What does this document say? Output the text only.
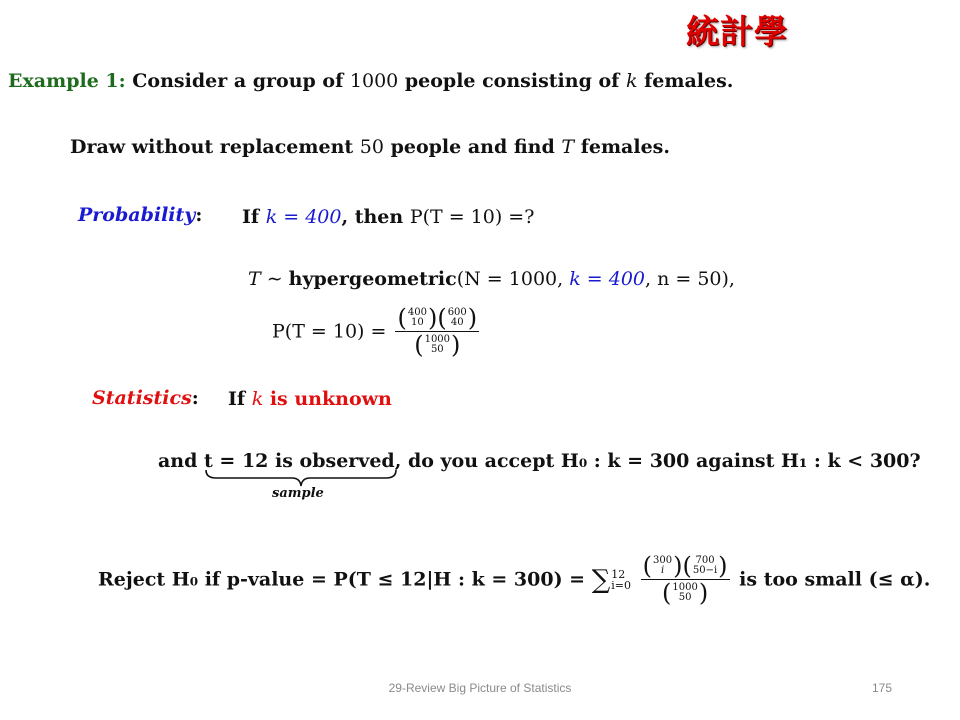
統計學
Example 1: Consider a group of 1000 people consisting of k females.
Draw without replacement 50 people and find T females.
Probability: If k = 400, then P(T = 10) =?
T ∼ hypergeometric(N = 1000, k = 400, n = 50),
P(T = 10) = ( 400
10 ) ( 600
40 )
( 1000
50 )
Statistics: If k is unknown
and t = 12 is observed, do you accept H₀ : k = 300 against H₁ : k < 300?
sample
Reject H₀ if p-value = P(T ≤ 12|H : k = 300) = ∑ 12
i=0
( 300
i ) ( 700
50−i )
( 1000
50 ) is too small (≤ α).
29-Review Big Picture of Statistics	175
